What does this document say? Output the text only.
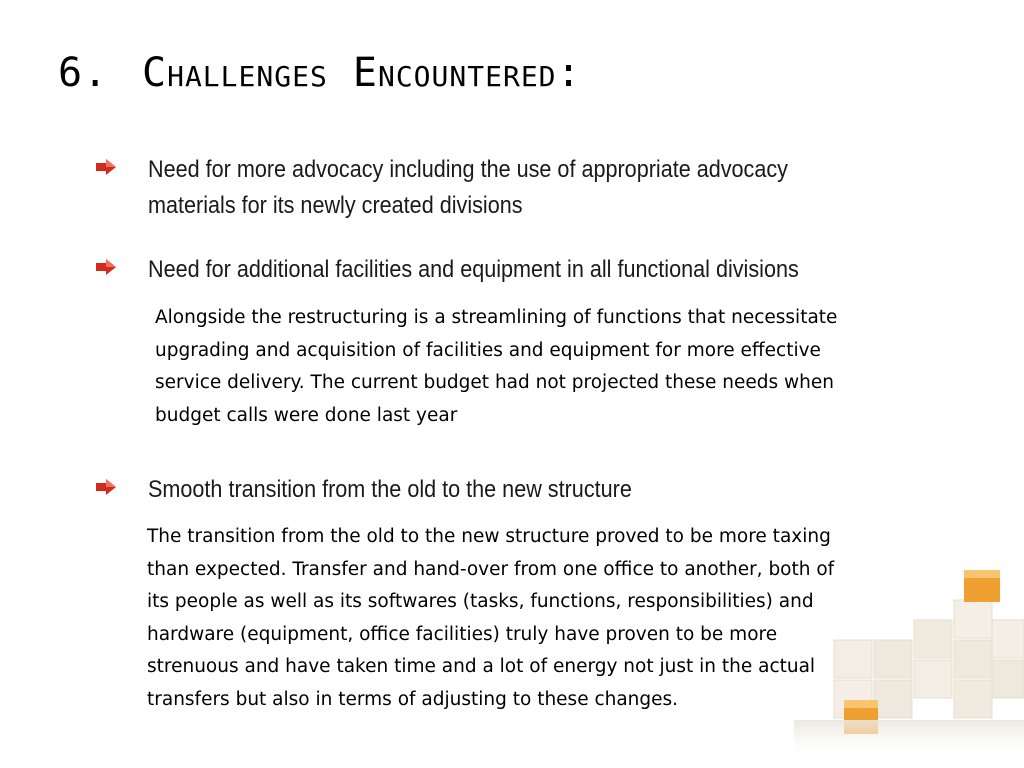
6. Challenges Encountered:
Need for more advocacy including the use of appropriate advocacy
materials for its newly created divisions
Need for additional facilities and equipment in all functional divisions
Alongside the restructuring is a streamlining of functions that necessitate
upgrading and acquisition of facilities and equipment for more effective
service delivery. The current budget had not projected these needs when
budget calls were done last year
Smooth transition from the old to the new structure
The transition from the old to the new structure proved to be more taxing
than expected. Transfer and hand-over from one office to another, both of
its people as well as its softwares (tasks, functions, responsibilities) and
hardware (equipment, office facilities) truly have proven to be more
strenuous and have taken time and a lot of energy not just in the actual
transfers but also in terms of adjusting to these changes.
